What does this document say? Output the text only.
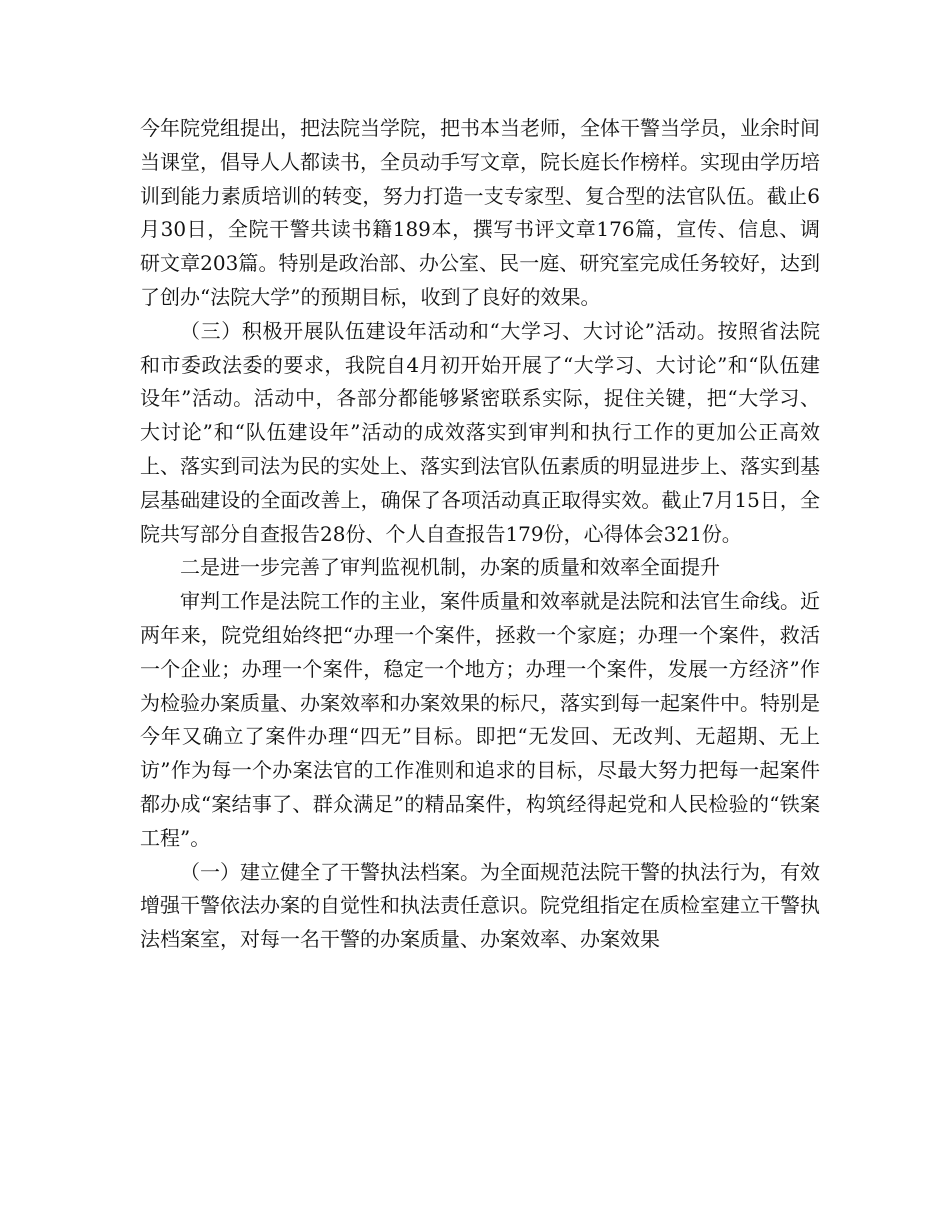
今年院党组提出，把法院当学院，把书本当老师，全体干警当学员，业余时间当课堂，倡导人人都读书，全员动手写文章，院长庭长作榜样。实现由学历培训到能力素质培训的转变，努力打造一支专家型、复合型的法官队伍。截止6月30日，全院干警共读书籍189本，撰写书评文章176篇，宣传、信息、调研文章203篇。特别是政治部、办公室、民一庭、研究室完成任务较好，达到了创办“法院大学”的预期目标，收到了良好的效果。

（三）积极开展队伍建设年活动和“大学习、大讨论”活动。按照省法院和市委政法委的要求，我院自4月初开始开展了“大学习、大讨论”和“队伍建设年”活动。活动中，各部分都能够紧密联系实际，捉住关键，把“大学习、大讨论”和“队伍建设年”活动的成效落实到审判和执行工作的更加公正高效上、落实到司法为民的实处上、落实到法官队伍素质的明显进步上、落实到基层基础建设的全面改善上，确保了各项活动真正取得实效。截止7月15日，全院共写部分自查报告28份、个人自查报告179份，心得体会321份。

二是进一步完善了审判监视机制，办案的质量和效率全面提升

审判工作是法院工作的主业，案件质量和效率就是法院和法官生命线。近两年来，院党组始终把“办理一个案件，拯救一个家庭；办理一个案件，救活一个企业；办理一个案件，稳定一个地方；办理一个案件，发展一方经济”作为检验办案质量、办案效率和办案效果的标尺，落实到每一起案件中。特别是今年又确立了案件办理“四无”目标。即把“无发回、无改判、无超期、无上访”作为每一个办案法官的工作准则和追求的目标，尽最大努力把每一起案件都办成“案结事了、群众满足”的精品案件，构筑经得起党和人民检验的“铁案工程”。

（一）建立健全了干警执法档案。为全面规范法院干警的执法行为，有效增强干警依法办案的自觉性和执法责任意识。院党组指定在质检室建立干警执法档案室，对每一名干警的办案质量、办案效率、办案效果
